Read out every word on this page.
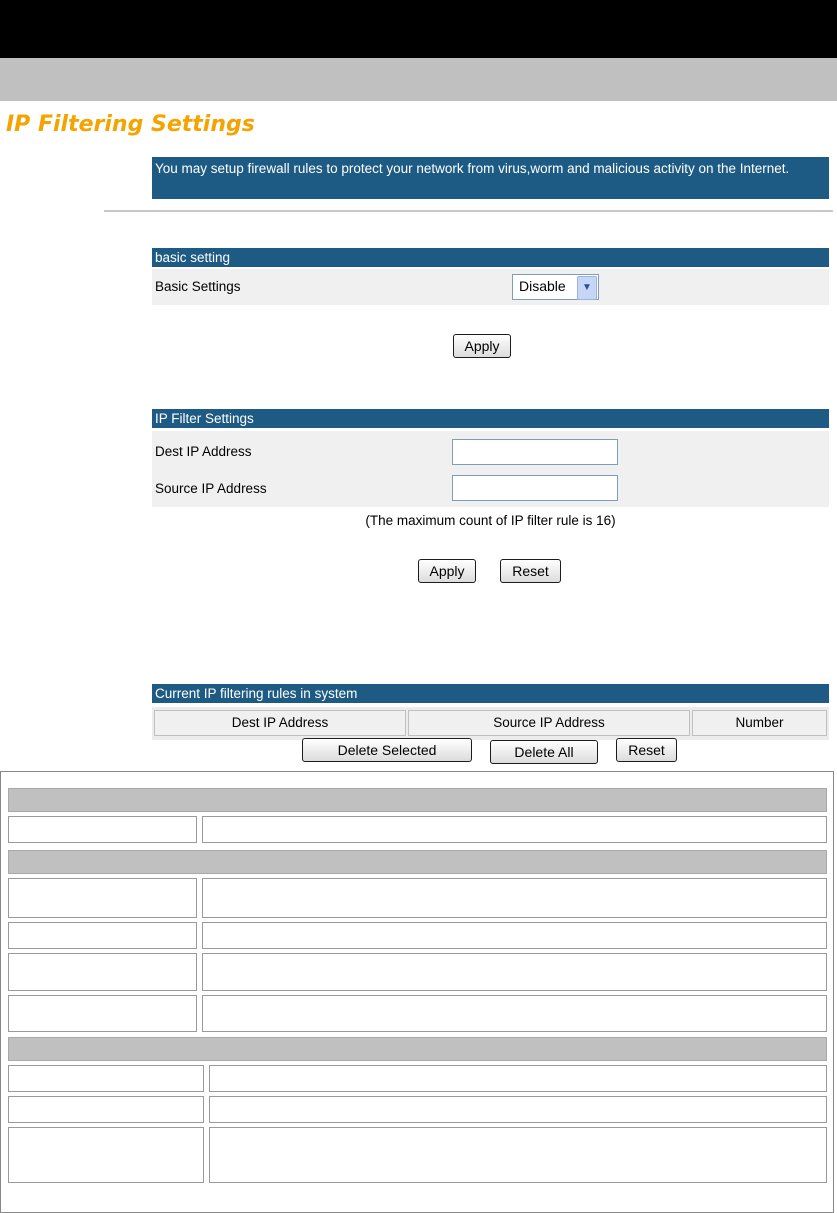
IP Filtering Settings
You may setup firewall rules to protect your network from virus,worm and malicious activity on the Internet.
basic setting
Basic Settings	Disable	▼
Apply
IP Filter Settings
Dest IP Address
Source IP Address
(The maximum count of IP filter rule is 16)
Apply	Reset
Current IP filtering rules in system
Dest IP Address	Source IP Address	Number
Delete Selected	Delete All	Reset
